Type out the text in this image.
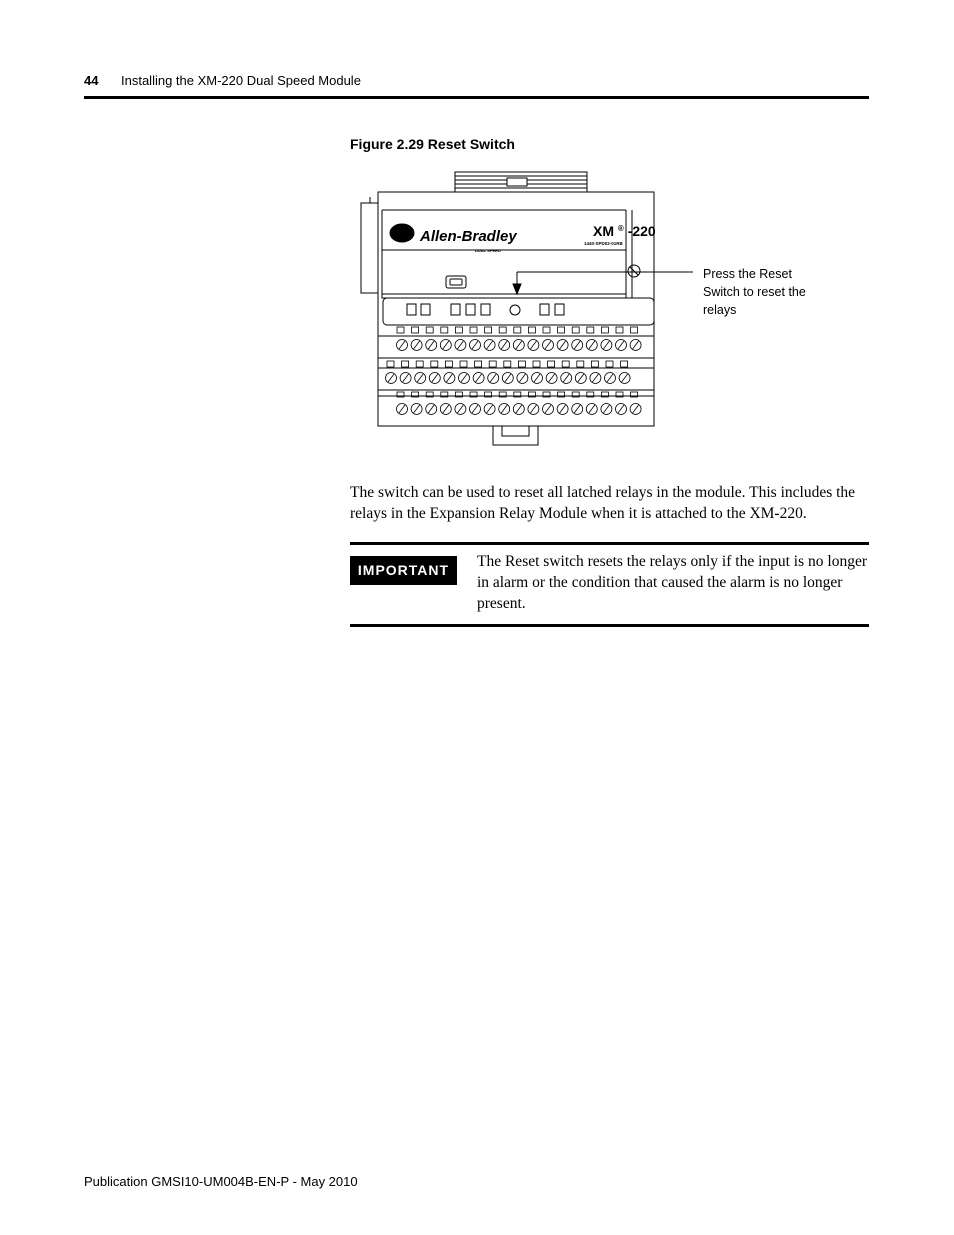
44 Installing the XM-220 Dual Speed Module
Figure 2.29 Reset Switch
Allen-Bradley	XM ® -220
1440-SPD02-01RB
DUAL SPEED
Press the Reset Switch to reset the relays
The switch can be used to reset all latched relays in the module. This includes the relays in the Expansion Relay Module when it is attached to the XM-220.
IMPORTANT	The Reset switch resets the relays only if the input is no longer in alarm or the condition that caused the alarm is no longer present.
Publication GMSI10-UM004B-EN-P - May 2010
